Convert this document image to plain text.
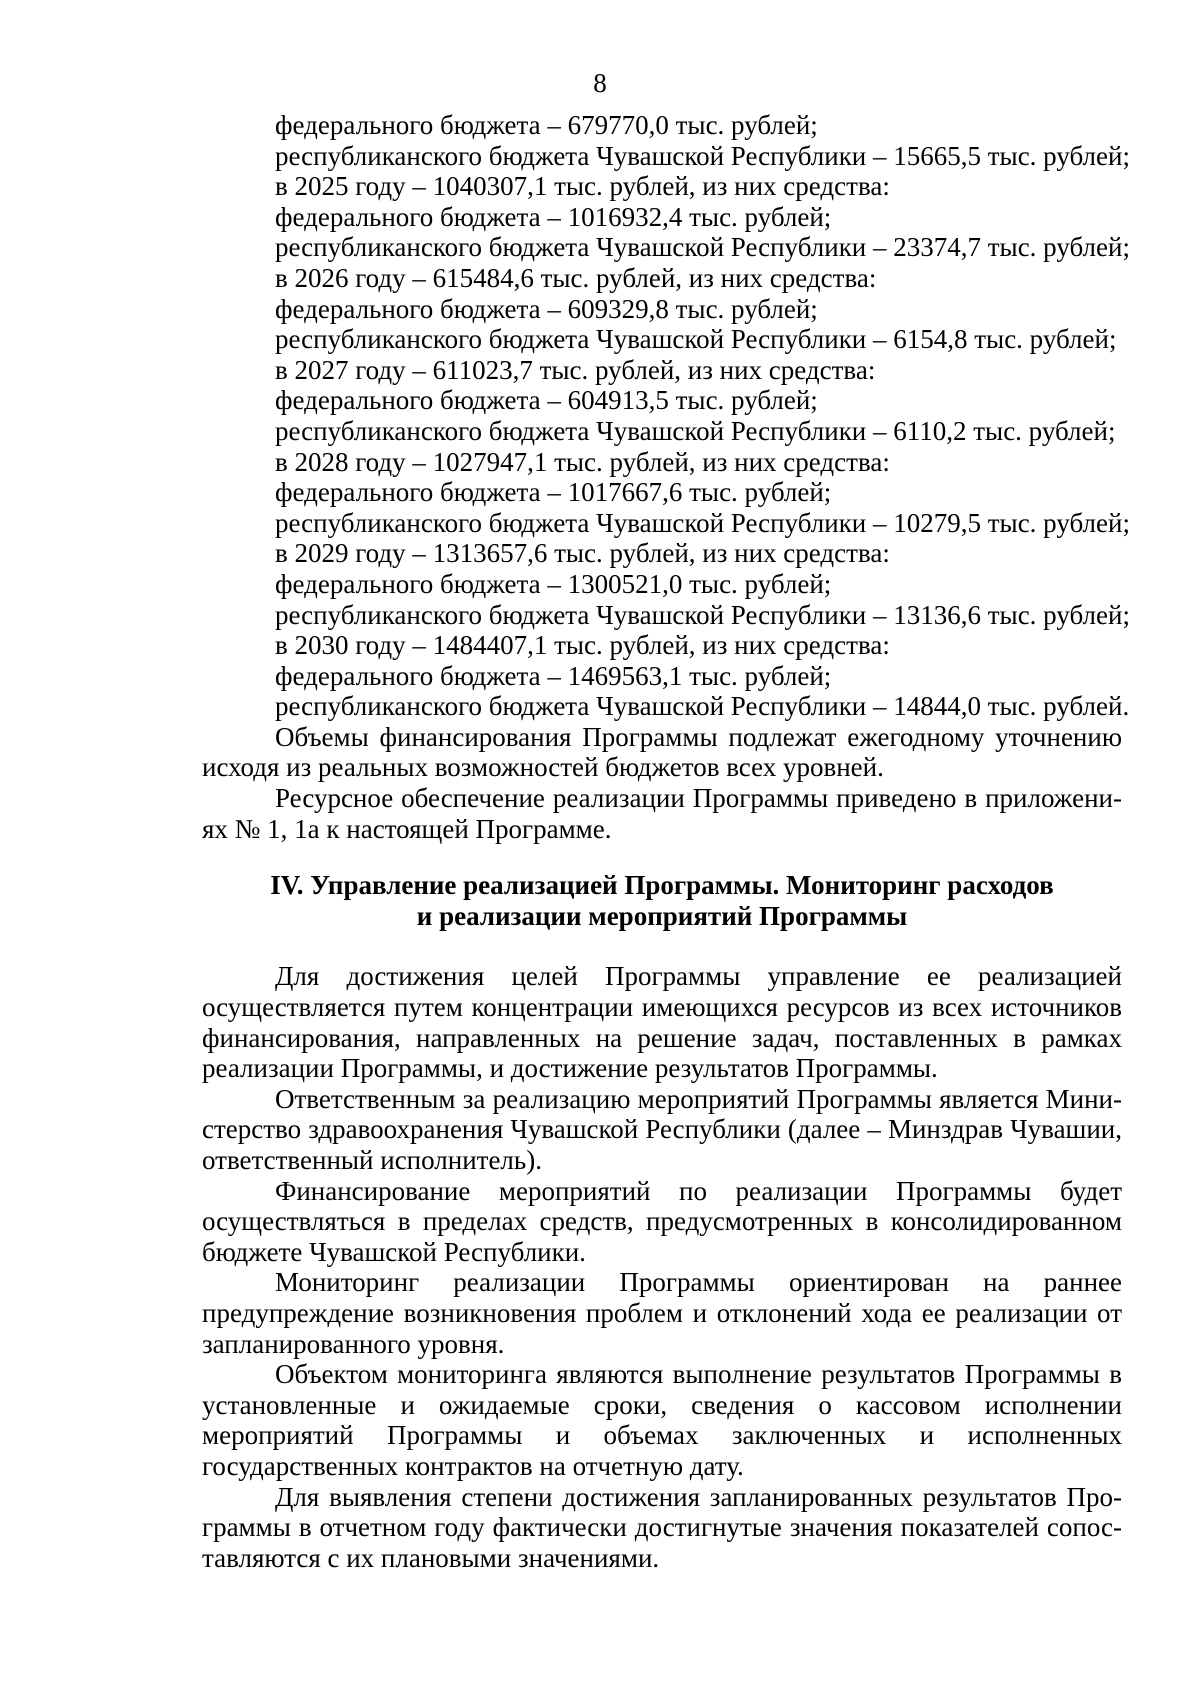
8
федерального бюджета – 679770,0 тыс. рублей;
республиканского бюджета Чувашской Республики – 15665,5 тыс. рублей;
в 2025 году – 1040307,1 тыс. рублей, из них средства:
федерального бюджета – 1016932,4 тыс. рублей;
республиканского бюджета Чувашской Республики – 23374,7 тыс. рублей;
в 2026 году – 615484,6 тыс. рублей, из них средства:
федерального бюджета – 609329,8 тыс. рублей;
республиканского бюджета Чувашской Республики – 6154,8 тыс. рублей;
в 2027 году – 611023,7 тыс. рублей, из них средства:
федерального бюджета – 604913,5 тыс. рублей;
республиканского бюджета Чувашской Республики – 6110,2 тыс. рублей;
в 2028 году – 1027947,1 тыс. рублей, из них средства:
федерального бюджета – 1017667,6 тыс. рублей;
республиканского бюджета Чувашской Республики – 10279,5 тыс. рублей;
в 2029 году – 1313657,6 тыс. рублей, из них средства:
федерального бюджета – 1300521,0 тыс. рублей;
республиканского бюджета Чувашской Республики – 13136,6 тыс. рублей;
в 2030 году – 1484407,1 тыс. рублей, из них средства:
федерального бюджета – 1469563,1 тыс. рублей;
республиканского бюджета Чувашской Республики – 14844,0 тыс. рублей.

Объемы финансирования Программы подлежат ежегодному уточнению исходя из реальных возможностей бюджетов всех уровней.

Ресурсное обеспечение реализации Программы приведено в приложениях № 1, 1а к настоящей Программе.

IV. Управление реализацией Программы. Мониторинг расходов
и реализации мероприятий Программы

Для достижения целей Программы управление ее реализацией осуществляется путем концентрации имеющихся ресурсов из всех источников финансирования, направленных на решение задач, поставленных в рамках реализации Программы, и достижение результатов Программы.

Ответственным за реализацию мероприятий Программы является Министерство здравоохранения Чувашской Республики (далее – Минздрав Чувашии, ответственный исполнитель).

Финансирование мероприятий по реализации Программы будет осуществляться в пределах средств, предусмотренных в консолидированном бюджете Чувашской Республики.

Мониторинг реализации Программы ориентирован на раннее предупреждение возникновения проблем и отклонений хода ее реализации от запланированного уровня.

Объектом мониторинга являются выполнение результатов Программы в установленные и ожидаемые сроки, сведения о кассовом исполнении мероприятий Программы и объемах заключенных и исполненных государственных контрактов на отчетную дату.

Для выявления степени достижения запланированных результатов Программы в отчетном году фактически достигнутые значения показателей сопоставляются с их плановыми значениями.
